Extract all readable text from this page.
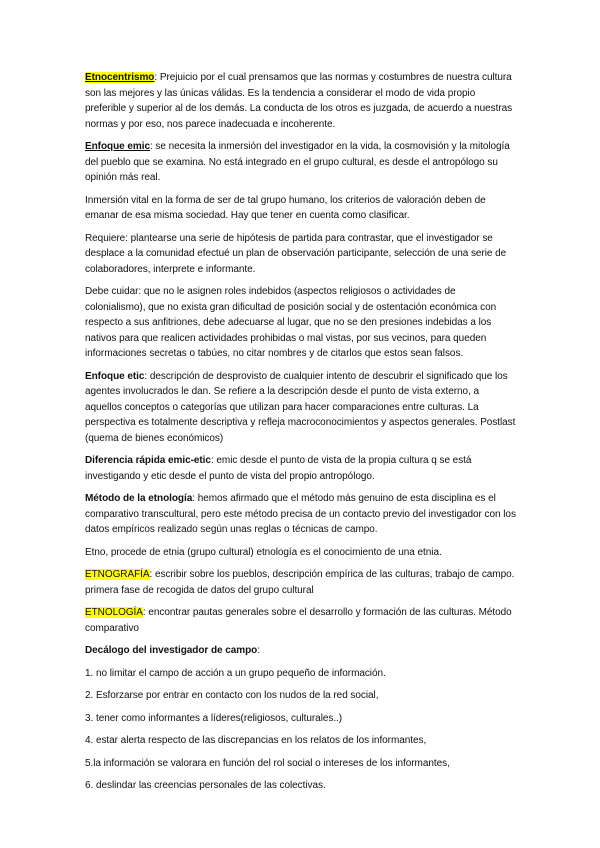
Etnocentrismo: Prejuicio por el cual prensamos que las normas y costumbres de nuestra cultura son las mejores y las únicas válidas. Es la tendencia a considerar el modo de vida propio preferible y superior al de los demás. La conducta de los otros es juzgada, de acuerdo a nuestras normas y por eso, nos parece inadecuada e incoherente.

Enfoque emic: se necesita la inmersión del investigador en la vida, la cosmovisión y la mitología del pueblo que se examina. No está integrado en el grupo cultural, es desde el antropólogo su opinión más real.

Inmersión vital en la forma de ser de tal grupo humano, los criterios de valoración deben de emanar de esa misma sociedad. Hay que tener en cuenta como clasificar.

Requiere: plantearse una serie de hipótesis de partida para contrastar, que el investigador se desplace a la comunidad efectué un plan de observación participante, selección de una serie de colaboradores, interprete e informante.

Debe cuidar: que no le asignen roles indebidos (aspectos religiosos o actividades de colonialismo), que no exista gran dificultad de posición social y de ostentación económica con respecto a sus anfitriones, debe adecuarse al lugar, que no se den presiones indebidas a los nativos para que realicen actividades prohibidas o mal vistas, por sus vecinos, para queden informaciones secretas o tabúes, no citar nombres y de citarlos que estos sean falsos.

Enfoque etic: descripción de desprovisto de cualquier intento de descubrir el significado que los agentes involucrados le dan. Se refiere a la descripción desde el punto de vista externo, a aquellos conceptos o categorías que utilizan para hacer comparaciones entre culturas. La perspectiva es totalmente descriptiva y refleja macroconocimientos y aspectos generales. Postlast (quema de bienes económicos)

Diferencia rápida emic-etic: emic desde el punto de vista de la propia cultura q se está investigando y etic desde el punto de vista del propio antropólogo.

Método de la etnología: hemos afirmado que el método más genuino de esta disciplina es el comparativo transcultural, pero este método precisa de un contacto previo del investigador con los datos empíricos realizado según unas reglas o técnicas de campo.

Etno, procede de etnia (grupo cultural) etnología es el conocimiento de una etnia.

ETNOGRAFÍA: escribir sobre los pueblos, descripción empírica de las culturas, trabajo de campo. primera fase de recogida de datos del grupo cultural

ETNOLOGÍA: encontrar pautas generales sobre el desarrollo y formación de las culturas. Método comparativo

Decálogo del investigador de campo:

1. no limitar el campo de acción a un grupo pequeño de información.

2. Esforzarse por entrar en contacto con los nudos de la red social,

3. tener como informantes a líderes(religiosos, culturales..)

4. estar alerta respecto de las discrepancias en los relatos de los informantes,

5.la información se valorara en función del rol social o intereses de los informantes,

6. deslindar las creencias personales de las colectivas.
